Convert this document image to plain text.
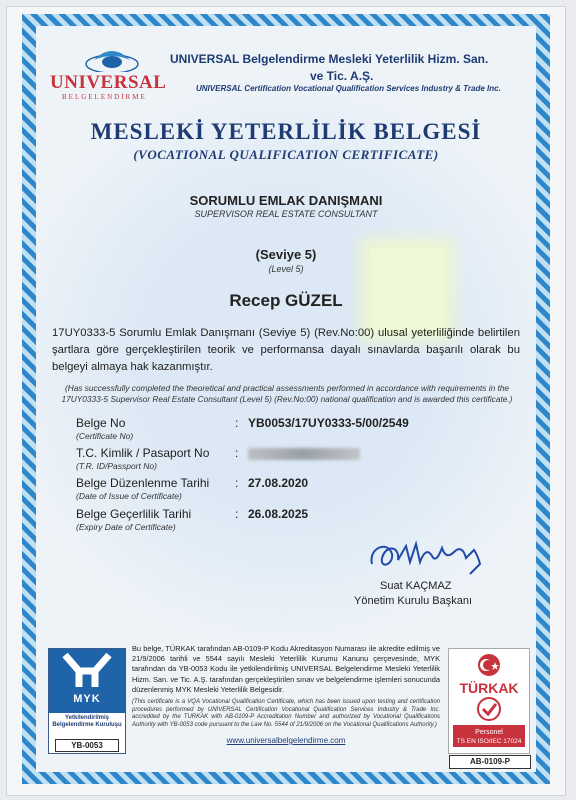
UNIVERSAL
BELGELENDİRME
UNIVERSAL Belgelendirme Mesleki Yeterlilik Hizm. San.
ve Tic. A.Ş.
UNIVERSAL Certification Vocational Qualification Services Industry & Trade Inc.
MESLEKİ YETERLİLİK BELGESİ
(VOCATIONAL QUALIFICATION CERTIFICATE)
SORUMLU EMLAK DANIŞMANI
SUPERVISOR REAL ESTATE CONSULTANT
(Seviye 5)
(Level 5)
Recep GÜZEL
17UY0333-5 Sorumlu Emlak Danışmanı (Seviye 5) (Rev.No:00) ulusal yeterliliğinde belirtilen şartlara göre gerçekleştirilen teorik ve performansa dayalı sınavlarda başarılı olarak bu belgeyi almaya hak kazanmıştır.
(Has successfully completed the theoretical and practical assessments performed in accordance with requirements in the 17UY0333-5 Supervisor Real Estate Consultant (Level 5) (Rev.No:00) national qualification and is awarded this certificate.)
Belge No
(Certificate No)
: YB0053/17UY0333-5/00/2549
T.C. Kimlik / Pasaport No
(T.R. ID/Passport No)
:
Belge Düzenlenme Tarihi
(Date of Issue of Certificate)
: 27.08.2020
Belge Geçerlilik Tarihi
(Expiry Date of Certificate)
: 26.08.2025
Suat KAÇMAZ
Yönetim Kurulu Başkanı
MYK
Yetkilendirilmiş
Belgelendirme Kuruluşu
YB-0053
Bu belge, TÜRKAK tarafından AB-0109-P Kodu Akreditasyon Numarası ile akredite edilmiş ve 21/9/2006 tarihli ve 5544 sayılı Mesleki Yeterlilik Kurumu Kanunu çerçevesinde, MYK tarafından da YB-0053 Kodu ile yetkilendirilmiş UNIVERSAL Belgelendirme Mesleki Yeterlilik Hizm. San. ve Tic. A.Ş. tarafından gerçekleştirilen sınav ve belgelendirme işlemleri sonucunda düzenlenmiş MYK Mesleki Yeterlilik Belgesidir.
(This certificate is a VQA Vocational Qualification Certificate, which has been issued upon testing and certification procedures performed by UNIVERSAL Certification Vocational Qualification Services Industry & Trade Inc. accredited by the TURKAK with AB-0109-P Accreditation Number and authorized by Vocational Qualifications Authority with YB-0053 code pursuant to the Law No. 5544 of 21/9/2006 on the Vocational Qualifications Authority.)
www.universalbelgelendirme.com
TÜRKAK
Personel
TS EN ISO/IEC 17024
AB-0109-P
